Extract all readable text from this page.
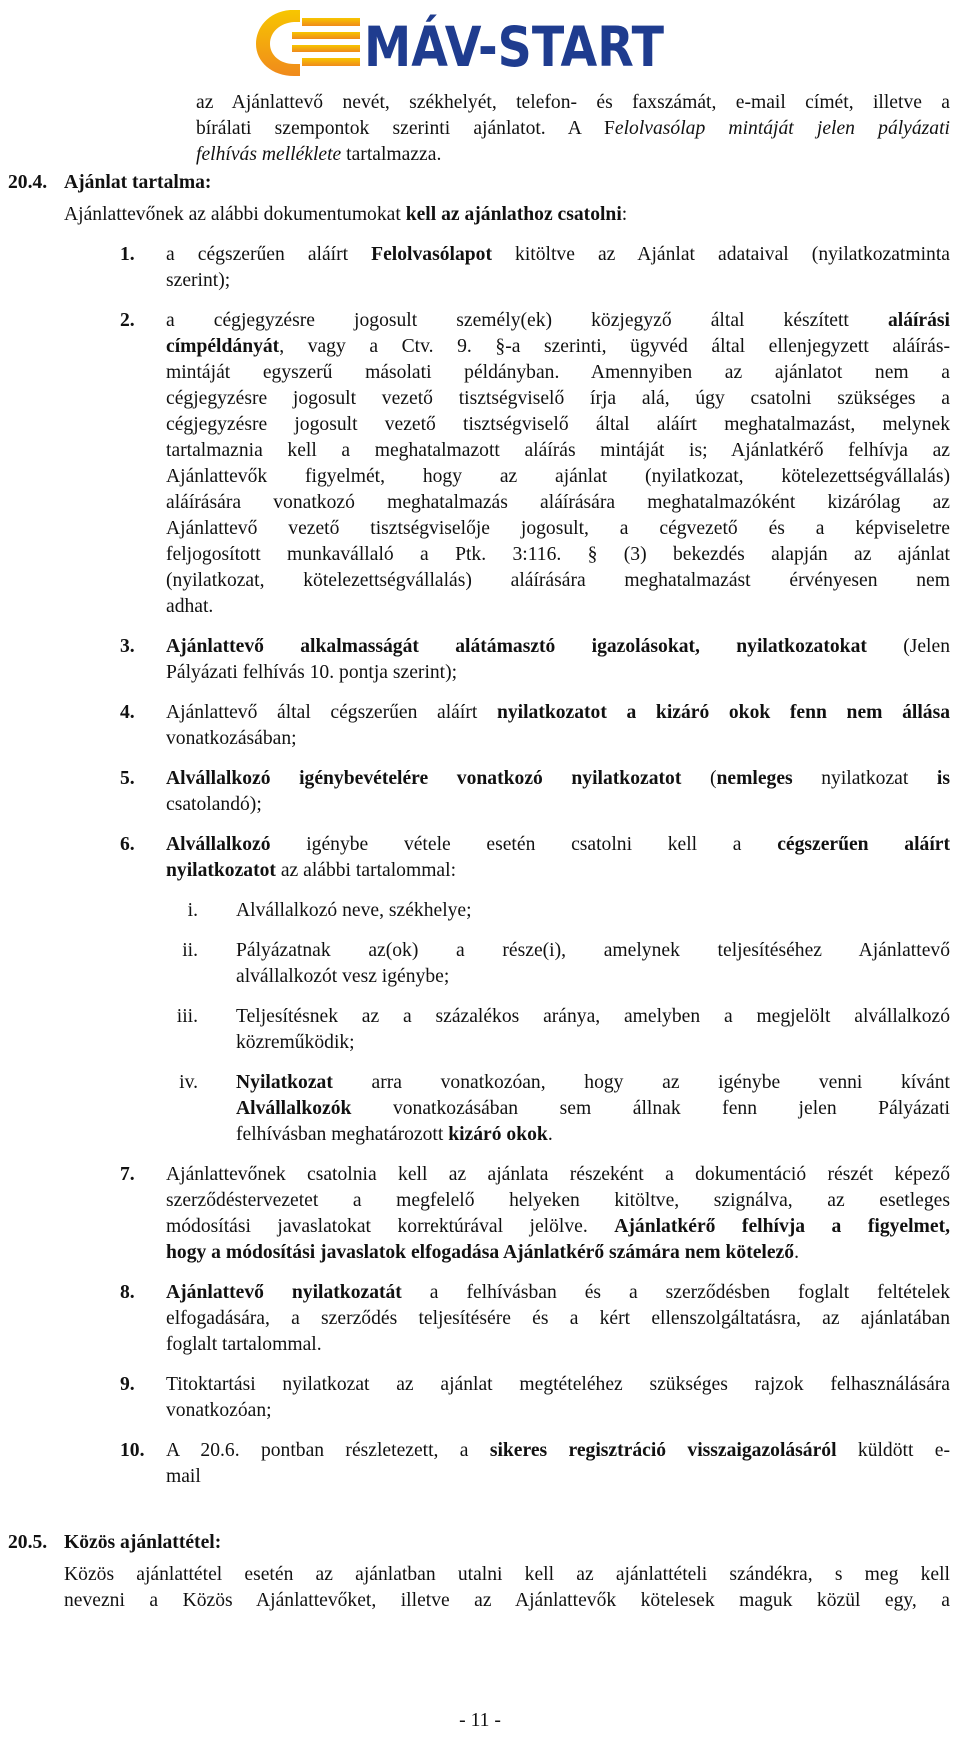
MÁV-START
az Ajánlattevő nevét, székhelyét, telefon- és faxszámát, e-mail címét, illetve a
bírálati szempontok szerinti ajánlatot. A Felolvasólap mintáját jelen pályázati
felhívás melléklete tartalmazza.
20.4. Ajánlat tartalma:
Ajánlattevőnek az alábbi dokumentumokat kell az ajánlathoz csatolni:
1. a cégszerűen aláírt Felolvasólapot kitöltve az Ajánlat adataival (nyilatkozatminta
szerint);
2. a cégjegyzésre jogosult személy(ek) közjegyző által készített aláírási
címpéldányát, vagy a Ctv. 9. §-a szerinti, ügyvéd által ellenjegyzett aláírás-
mintáját egyszerű másolati példányban. Amennyiben az ajánlatot nem a
cégjegyzésre jogosult vezető tisztségviselő írja alá, úgy csatolni szükséges a
cégjegyzésre jogosult vezető tisztségviselő által aláírt meghatalmazást, melynek
tartalmaznia kell a meghatalmazott aláírás mintáját is; Ajánlatkérő felhívja az
Ajánlattevők figyelmét, hogy az ajánlat (nyilatkozat, kötelezettségvállalás)
aláírására vonatkozó meghatalmazás aláírására meghatalmazóként kizárólag az
Ajánlattevő vezető tisztségviselője jogosult, a cégvezető és a képviseletre
feljogosított munkavállaló a Ptk. 3:116. § (3) bekezdés alapján az ajánlat
(nyilatkozat, kötelezettségvállalás) aláírására meghatalmazást érvényesen nem
adhat.
3. Ajánlattevő alkalmasságát alátámasztó igazolásokat, nyilatkozatokat (Jelen
Pályázati felhívás 10. pontja szerint);
4. Ajánlattevő által cégszerűen aláírt nyilatkozatot a kizáró okok fenn nem állása
vonatkozásában;
5. Alvállalkozó igénybevételére vonatkozó nyilatkozatot (nemleges nyilatkozat is
csatolandó);
6. Alvállalkozó igénybe vétele esetén csatolni kell a cégszerűen aláírt
nyilatkozatot az alábbi tartalommal:
i. Alvállalkozó neve, székhelye;
ii. Pályázatnak az(ok) a része(i), amelynek teljesítéséhez Ajánlattevő
alvállalkozót vesz igénybe;
iii. Teljesítésnek az a százalékos aránya, amelyben a megjelölt alvállalkozó
közreműködik;
iv. Nyilatkozat arra vonatkozóan, hogy az igénybe venni kívánt
Alvállalkozók vonatkozásában sem állnak fenn jelen Pályázati
felhívásban meghatározott kizáró okok.
7. Ajánlattevőnek csatolnia kell az ajánlata részeként a dokumentáció részét képező
szerződéstervezetet a megfelelő helyeken kitöltve, szignálva, az esetleges
módosítási javaslatokat korrektúrával jelölve. Ajánlatkérő felhívja a figyelmet,
hogy a módosítási javaslatok elfogadása Ajánlatkérő számára nem kötelező.
8. Ajánlattevő nyilatkozatát a felhívásban és a szerződésben foglalt feltételek
elfogadására, a szerződés teljesítésére és a kért ellenszolgáltatásra, az ajánlatában
foglalt tartalommal.
9. Titoktartási nyilatkozat az ajánlat megtételéhez szükséges rajzok felhasználására
vonatkozóan;
10. A 20.6. pontban részletezett, a sikeres regisztráció visszaigazolásáról küldött e-
mail
20.5. Közös ajánlattétel:
Közös ajánlattétel esetén az ajánlatban utalni kell az ajánlattételi szándékra, s meg kell
nevezni a Közös Ajánlattevőket, illetve az Ajánlattevők kötelesek maguk közül egy, a
- 11 -
